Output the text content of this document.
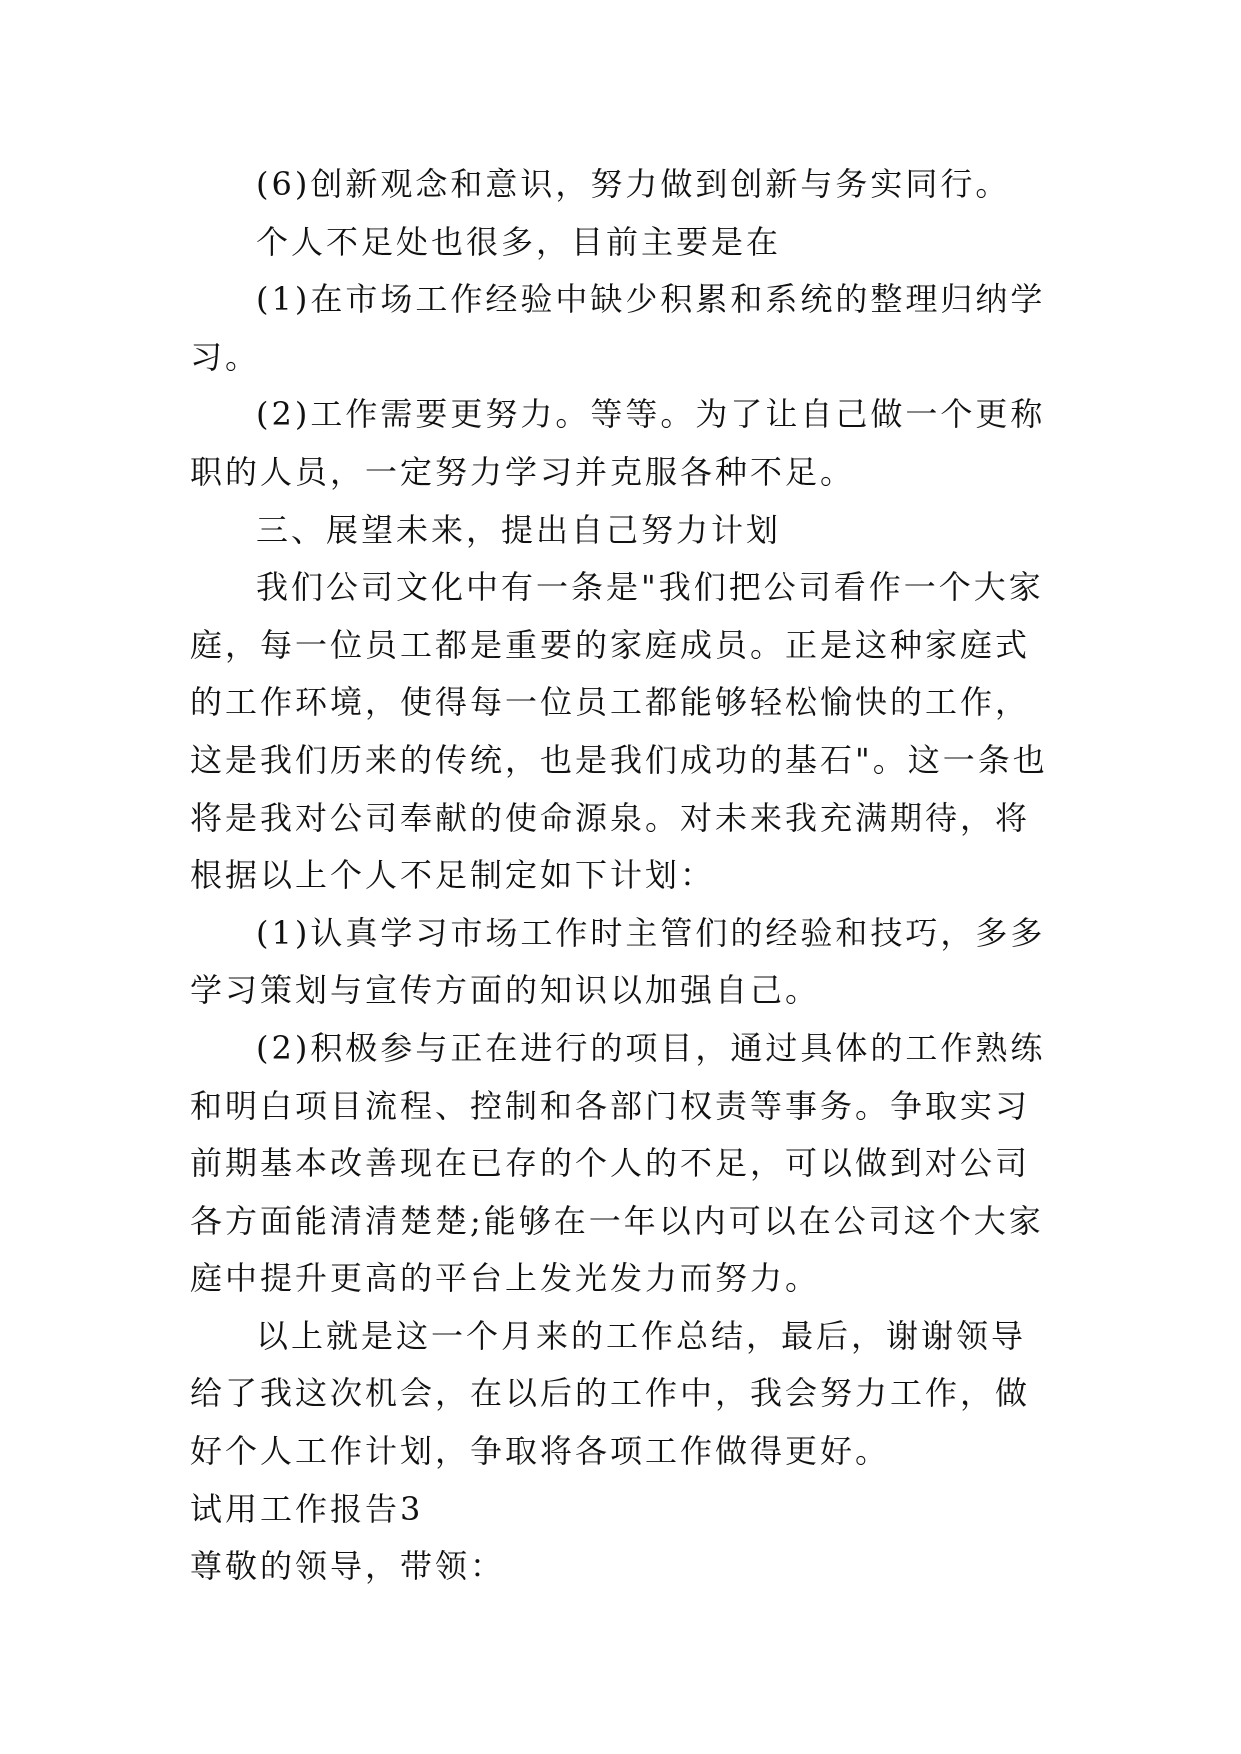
(6)创新观念和意识，努力做到创新与务实同行。

个人不足处也很多，目前主要是在

(1)在市场工作经验中缺少积累和系统的整理归纳学习。

(2)工作需要更努力。等等。为了让自己做一个更称职的人员，一定努力学习并克服各种不足。

三、展望未来，提出自己努力计划

我们公司文化中有一条是"我们把公司看作一个大家庭，每一位员工都是重要的家庭成员。正是这种家庭式的工作环境，使得每一位员工都能够轻松愉快的工作，这是我们历来的传统，也是我们成功的基石"。这一条也将是我对公司奉献的使命源泉。对未来我充满期待，将根据以上个人不足制定如下计划：

(1)认真学习市场工作时主管们的经验和技巧，多多学习策划与宣传方面的知识以加强自己。

(2)积极参与正在进行的项目，通过具体的工作熟练和明白项目流程、控制和各部门权责等事务。争取实习前期基本改善现在已存的个人的不足，可以做到对公司各方面能清清楚楚;能够在一年以内可以在公司这个大家庭中提升更高的平台上发光发力而努力。

以上就是这一个月来的工作总结，最后，谢谢领导给了我这次机会，在以后的工作中，我会努力工作，做好个人工作计划，争取将各项工作做得更好。

试用工作报告3

尊敬的领导，带领：
